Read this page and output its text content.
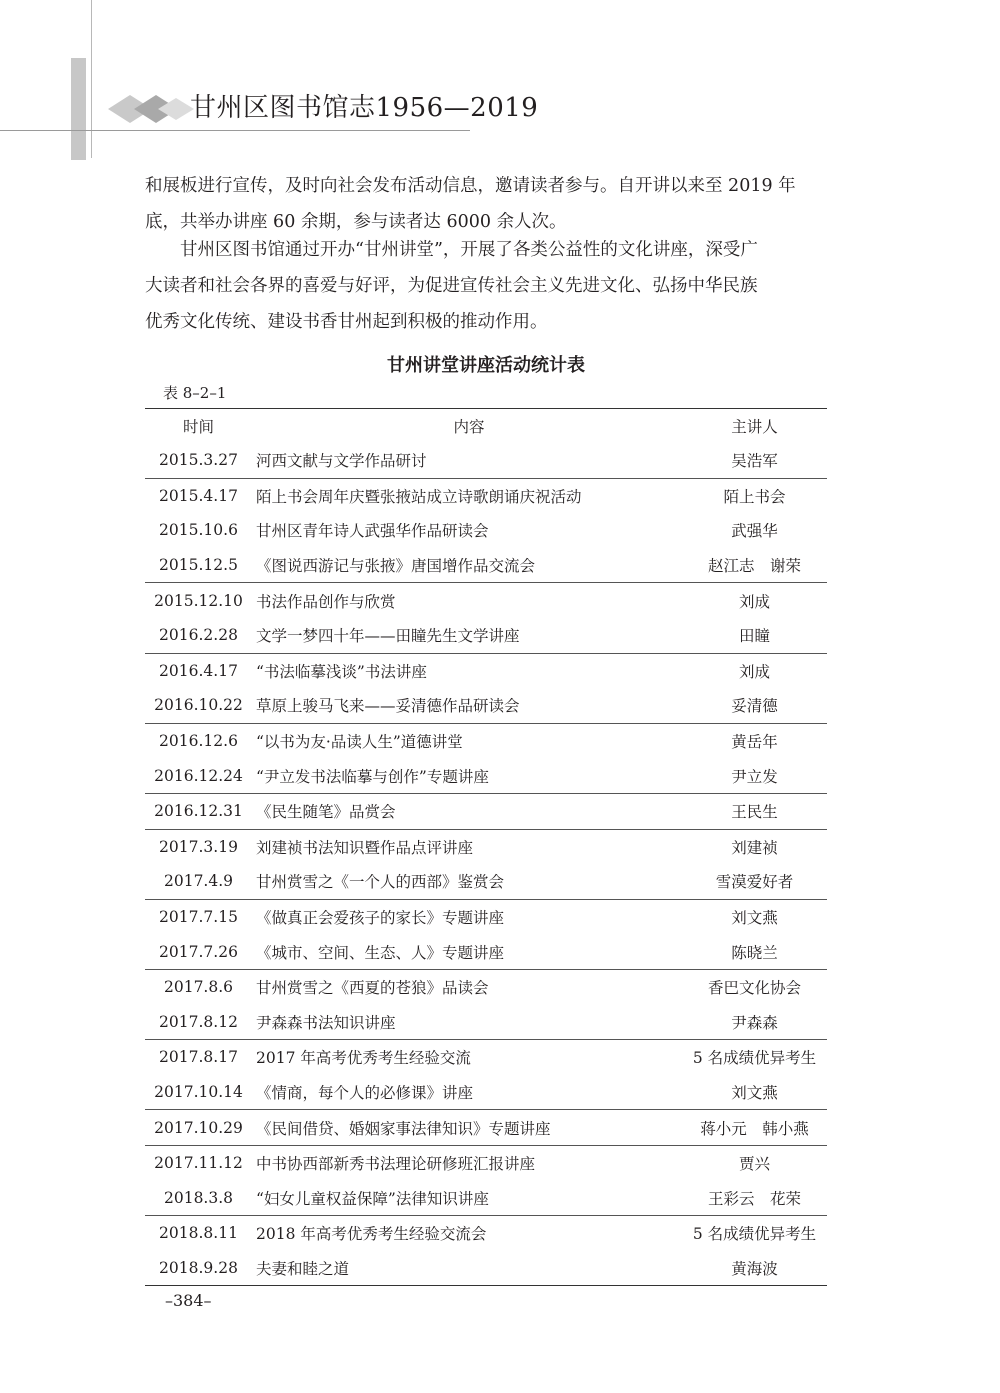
甘州区图书馆志1956—2019

和展板进行宣传，及时向社会发布活动信息，邀请读者参与。自开讲以来至 2019 年
底，共举办讲座 60 余期，参与读者达 6000 余人次。

　　甘州区图书馆通过开办“甘州讲堂”，开展了各类公益性的文化讲座，深受广
大读者和社会各界的喜爱与好评，为促进宣传社会主义先进文化、弘扬中华民族
优秀文化传统、建设书香甘州起到积极的推动作用。

甘州讲堂讲座活动统计表
表 8–2–1
时间	内容	主讲人
2015.3.27	河西文献与文学作品研讨	吴浩军
2015.4.17	陌上书会周年庆暨张掖站成立诗歌朗诵庆祝活动	陌上书会
2015.10.6	甘州区青年诗人武强华作品研读会	武强华
2015.12.5	《图说西游记与张掖》唐国增作品交流会	赵江志　谢荣
2015.12.10	书法作品创作与欣赏	刘成
2016.2.28	文学一梦四十年——田瞳先生文学讲座	田瞳
2016.4.17	“书法临摹浅谈”书法讲座	刘成
2016.10.22	草原上骏马飞来——妥清德作品研读会	妥清德
2016.12.6	“以书为友·品读人生”道德讲堂	黄岳年
2016.12.24	“尹立发书法临摹与创作”专题讲座	尹立发
2016.12.31	《民生随笔》品赏会	王民生
2017.3.19	刘建祯书法知识暨作品点评讲座	刘建祯
2017.4.9	甘州赏雪之《一个人的西部》鉴赏会	雪漠爱好者
2017.7.15	《做真正会爱孩子的家长》专题讲座	刘文燕
2017.7.26	《城市、空间、生态、人》专题讲座	陈晓兰
2017.8.6	甘州赏雪之《西夏的苍狼》品读会	香巴文化协会
2017.8.12	尹森森书法知识讲座	尹森森
2017.8.17	2017 年高考优秀考生经验交流	5 名成绩优异考生
2017.10.14	《情商，每个人的必修课》讲座	刘文燕
2017.10.29	《民间借贷、婚姻家事法律知识》专题讲座	蒋小元　韩小燕
2017.11.12	中书协西部新秀书法理论研修班汇报讲座	贾兴
2018.3.8	“妇女儿童权益保障”法律知识讲座	王彩云　花荣
2018.8.11	2018 年高考优秀考生经验交流会	5 名成绩优异考生
2018.9.28	夫妻和睦之道	黄海波
–384–
